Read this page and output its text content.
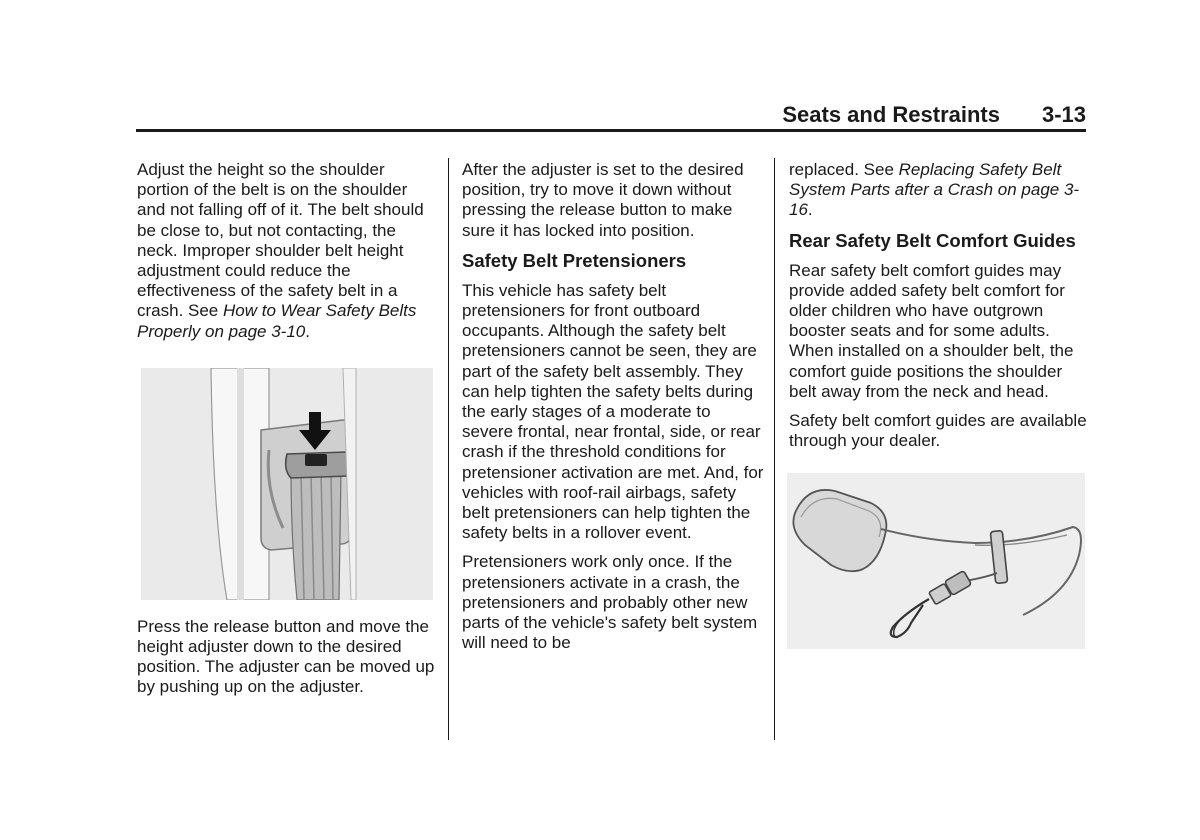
Seats and Restraints 3-13

Adjust the height so the shoulder portion of the belt is on the shoulder and not falling off of it. The belt should be close to, but not contacting, the neck. Improper shoulder belt height adjustment could reduce the effectiveness of the safety belt in a crash. See How to Wear Safety Belts Properly on page 3-10.

Press the release button and move the height adjuster down to the desired position. The adjuster can be moved up by pushing up on the adjuster.

After the adjuster is set to the desired position, try to move it down without pressing the release button to make sure it has locked into position.

Safety Belt Pretensioners

This vehicle has safety belt pretensioners for front outboard occupants. Although the safety belt pretensioners cannot be seen, they are part of the safety belt assembly. They can help tighten the safety belts during the early stages of a moderate to severe frontal, near frontal, side, or rear crash if the threshold conditions for pretensioner activation are met. And, for vehicles with roof-rail airbags, safety belt pretensioners can help tighten the safety belts in a rollover event.

Pretensioners work only once. If the pretensioners activate in a crash, the pretensioners and probably other new parts of the vehicle's safety belt system will need to be

replaced. See Replacing Safety Belt System Parts after a Crash on page 3-16.

Rear Safety Belt Comfort Guides

Rear safety belt comfort guides may provide added safety belt comfort for older children who have outgrown booster seats and for some adults. When installed on a shoulder belt, the comfort guide positions the shoulder belt away from the neck and head.

Safety belt comfort guides are available through your dealer.
